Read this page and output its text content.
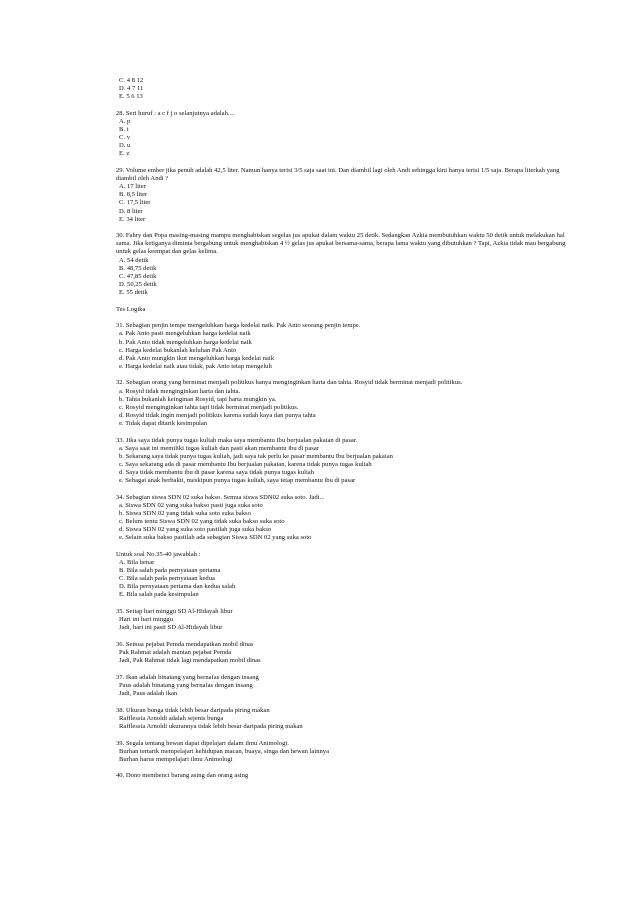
C. 4 8 12
D. 4 7 11
E. 5 6 13
28. Seri huruf : a c f j o selanjutnya adalah....
A. p
B. t
C. v
D. u
E. z
29. Volume ember jika penuh adalah 42,5 liter. Namun hanya terisi 3/5 saja saat ini. Dan diambil lagi oleh Andi sehingga kini hanya terisi 1/5 saja. Berapa literkah yang diambil oleh Andi ?
A. 17 liter
B. 8,5 liter
C. 17,5 liter
D. 8 liter
E. 34 liter
30. Fahry dan Popa masing-masing mampu menghabiskan segelas jus apukat dalam waktu 25 detik. Sedangkan Azkia membutuhkan waktu 50 detik untuk melakukan hal sama. Jika ketiganya diminta bergabung untuk menghabiskan 4 ½ gelas jus apukat bersama-sama, berapa lama waktu yang dibutuhkan ? Tapi, Azkia tidak mau bergabung untuk gelas keempat dan gelas kelima.
A. 54 detik
B. 48,75 detik
C. 47,85 detik
D. 50,25 detik
E. 55 detik
Tes Logika
31. Sebagian penjin tempe mengeluhkan harga kedelai naik. Pak Anto seorang penjin tempe.
a. Pak Anto pasti mengeluhkan harga kedelai naik
b. Pak Anto tidak mengeluhkan harga kedelai naik
c. Harga kedelai bukanlah keluhan Pak Anto
d. Pak Anto mungkin ikut mengeluhkan harga kedelai naik
e. Harga kedelai naik atau tidak, pak Anto tetap mengeluh
32. Sebagian orang yang berminat menjadi politikus hanya menginginkan harta dan tahta. Rosyid tidak berminat menjadi politikus.
a. Rosyid tidak menginginkan harta dan tahta.
b. Tahta bukanlah keinginan Rosyid, tapi harta mungkin ya.
c. Rosyid menginginkan tahta tapi tidak berminat menjadi politikus.
d. Rosyid tidak ingin menjadi politikus karena sudah kaya dan punya tahta
e. Tidak dapat ditarik kesimpulan
33. Jika saya tidak punya tugas kuliah maka saya membantu Ibu berjualan pakaian di pasar.
a. Saya saat ini memiliki tugas kuliah dan pasti akan membantu ibu di pasar
b. Sekarang saya tidak punya tugas kuliah, jadi saya tak perlu ke pasar membantu Ibu berjualan pakaian
c. Saya sekarang ada di pasar membantu Ibu berjualan pakaian, karena tidak punya tugas kuliah
d. Saya tidak membantu ibu di pasar karena saya tidak punya tugas kuliah
e. Sebagai anak berbakti, meskipun punya tugas kuliah, saya tetap membantu ibu di pasar
34. Sebagian siswa SDN 02 suka bakso. Semua siswa SDN02 suka soto. Jadi...
a. Siswa SDN 02 yang suka bakso pasti juga suka soto
b. Siswa SDN 02 yang tidak suka soto suka bakso
c. Belum tentu Siswa SDN 02 yang tidak suka bakso suka soto
d. Siswa SDN 02 yang suka soto pastilah juga suka bakso
e. Selain suka bakso pastilah ada sebagian Siswa SDN 02 yang suka soto
Untuk soal No.35-40 jawablah :
A. Bila benar
B. Bila salah pada pernyataan pertama
C. Bila salah pada pernyataan kedua
D. Bila pernyataan pertama dan kedua salah
E. Bila salah pada kesimpulan
35. Setiap hari minggu SD Al-Hidayah libur
Hari ini hari minggu
Jadi, hari ini pasti SD Al-Hidayah libur
36. Semua pejabat Pemda mendapatkan mobil dinas
Pak Rahmat adalah mantan pejabat Pemda
Jadi, Pak Rahmat tidak lagi mendapatkan mobil dinas
37. Ikan adalah binatang yang bernafas dengan insang
Paus adalah binatang yang bernafas dengan insang
Jadi, Paus adalah ikan
38. Ukuran bunga tidak lebih besar daripada piring makan
Rafflessia Arnoldi adalah sejenis bunga
Rafflessia Arnoldi ukurannya tidak lebih besar daripada piring makan
39. Segala tentang hewan dapat dipelajari dalam ilmu Animologi.
Burhan tertarik mempelajari kehidupan macan, buaya, singa dan hewan lainnya
Burhan harus mempelajari ilmu Animologi
40. Dono membenci barang asing dan orang asing
